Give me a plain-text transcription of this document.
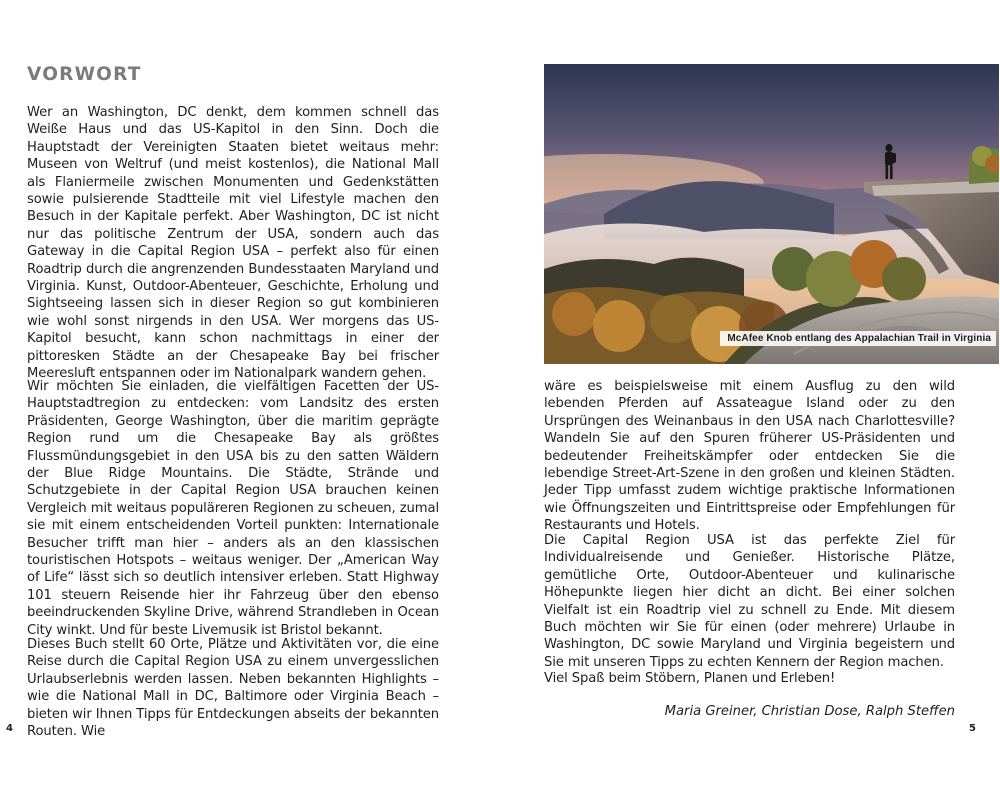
VORWORT

Wer an Washington, DC denkt, dem kommen schnell das Weiße Haus und das US-Kapitol in den Sinn. Doch die Hauptstadt der Vereinigten Staaten bietet weitaus mehr: Museen von Weltruf (und meist kostenlos), die National Mall als Flaniermeile zwischen Monumenten und Gedenkstätten sowie pulsierende Stadtteile mit viel Lifestyle machen den Besuch in der Kapitale perfekt. Aber Washington, DC ist nicht nur das politische Zentrum der USA, sondern auch das Gateway in die Capital Region USA – perfekt also für einen Roadtrip durch die angrenzenden Bundesstaaten Maryland und Virginia. Kunst, Outdoor-Abenteuer, Geschichte, Erholung und Sightseeing lassen sich in dieser Region so gut kombinieren wie wohl sonst nirgends in den USA. Wer morgens das US-Kapitol besucht, kann schon nachmittags in einer der pittoresken Städte an der Chesapeake Bay bei frischer Meeresluft entspannen oder im Nationalpark wandern gehen.

Wir möchten Sie einladen, die vielfältigen Facetten der US-Hauptstadtregion zu entdecken: vom Landsitz des ersten Präsidenten, George Washington, über die maritim geprägte Region rund um die Chesapeake Bay als größtes Flussmündungsgebiet in den USA bis zu den satten Wäldern der Blue Ridge Mountains. Die Städte, Strände und Schutzgebiete in der Capital Region USA brauchen keinen Vergleich mit weitaus populäreren Regionen zu scheuen, zumal sie mit einem entscheidenden Vorteil punkten: Internationale Besucher trifft man hier – anders als an den klassischen touristischen Hotspots – weitaus weniger. Der „American Way of Life“ lässt sich so deutlich intensiver erleben. Statt Highway 101 steuern Reisende hier ihr Fahrzeug über den ebenso beeindruckenden Skyline Drive, während Strandleben in Ocean City winkt. Und für beste Livemusik ist Bristol bekannt.

Dieses Buch stellt 60 Orte, Plätze und Aktivitäten vor, die eine Reise durch die Capital Region USA zu einem unvergesslichen Urlaubserlebnis werden lassen. Neben bekannten Highlights – wie die National Mall in DC, Baltimore oder Virginia Beach – bieten wir Ihnen Tipps für Entdeckungen abseits der bekannten Routen. Wie

4
McAfee Knob entlang des Appalachian Trail in Virginia

wäre es beispielsweise mit einem Ausflug zu den wild lebenden Pferden auf Assateague Island oder zu den Ursprüngen des Weinanbaus in den USA nach Charlottesville? Wandeln Sie auf den Spuren früherer US-Präsidenten und bedeutender Freiheitskämpfer oder entdecken Sie die lebendige Street-Art-Szene in den großen und kleinen Städten. Jeder Tipp umfasst zudem wichtige praktische Informationen wie Öffnungszeiten und Eintrittspreise oder Empfehlungen für Restaurants und Hotels.

Die Capital Region USA ist das perfekte Ziel für Individualreisende und Genießer. Historische Plätze, gemütliche Orte, Outdoor-Abenteuer und kulinarische Höhepunkte liegen hier dicht an dicht. Bei einer solchen Vielfalt ist ein Roadtrip viel zu schnell zu Ende. Mit diesem Buch möchten wir Sie für einen (oder mehrere) Urlaube in Washington, DC sowie Maryland und Virginia begeistern und Sie mit unseren Tipps zu echten Kennern der Region machen.

Viel Spaß beim Stöbern, Planen und Erleben!

Maria Greiner, Christian Dose, Ralph Steffen

5
